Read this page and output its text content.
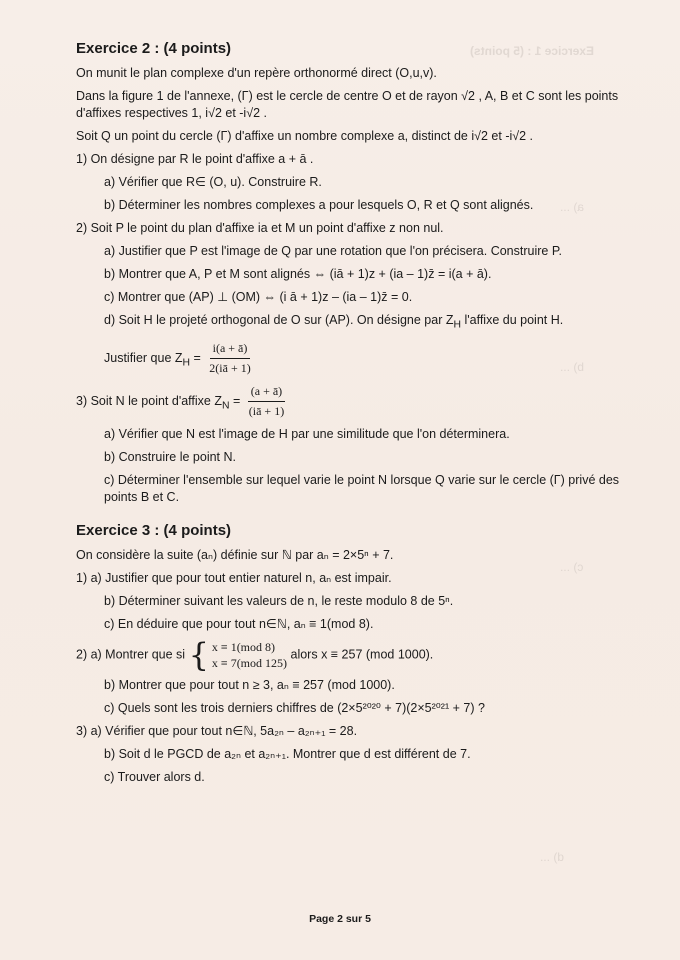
Exercice 1 : (5 points)
a) ...
b) ...
c) ...
d) ...
Exercice 2 : (4 points)
On munit le plan complexe d'un repère orthonormé direct (O,u,v).
Dans la figure 1 de l'annexe, (Γ) est le cercle de centre O et de rayon √2 , A, B et C sont les points d'affixes respectives 1, i√2 et -i√2 .
Soit Q un point du cercle (Γ) d'affixe un nombre complexe a, distinct de i√2 et -i√2 .
1) On désigne par R le point d'affixe a + ā .
a) Vérifier que R∈ (O, u). Construire R.
b) Déterminer les nombres complexes a pour lesquels O, R et Q sont alignés.
2) Soit P le point du plan d'affixe ia et M un point d'affixe z non nul.
a) Justifier que P est l'image de Q par une rotation que l'on précisera. Construire P.
b) Montrer que A, P et M sont alignés ⇔ (iā + 1)z + (ia – 1)z̄ = i(a + ā).
c) Montrer que (AP) ⊥ (OM) ⇔ (i ā + 1)z – (ia – 1)z̄ = 0.
d) Soit H le projeté orthogonal de O sur (AP). On désigne par $Z_H$ l'affixe du point H.
Justifier que $Z_H = \frac{i(a + ā)}{2(iā + 1)}$
3) Soit N le point d'affixe $Z_N = \frac{(a + ā)}{(iā + 1)}$
a) Vérifier que N est l'image de H par une similitude que l'on déterminera.
b) Construire le point N.
c) Déterminer l'ensemble sur lequel varie le point N lorsque Q varie sur le cercle (Γ) privé des points B et C.
Exercice 3 : (4 points)
On considère la suite (aₙ) définie sur ℕ par aₙ = 2×5ⁿ + 7.
1) a) Justifier que pour tout entier naturel n, aₙ est impair.
b) Déterminer suivant les valeurs de n, le reste modulo 8 de 5ⁿ.
c) En déduire que pour tout n∈ℕ, aₙ ≡ 1(mod 8).
2) a) Montrer que si { x ≡ 1(mod 8)
x ≡ 7(mod 125)
alors x ≡ 257 (mod 1000).
b) Montrer que pour tout n ≥ 3, aₙ ≡ 257 (mod 1000).
c) Quels sont les trois derniers chiffres de (2×5²⁰²⁰ + 7)(2×5²⁰²¹ + 7) ?
3) a) Vérifier que pour tout n∈ℕ, 5a₂ₙ – a₂ₙ₊₁ = 28.
b) Soit d le PGCD de a₂ₙ et a₂ₙ₊₁. Montrer que d est différent de 7.
c) Trouver alors d.
Page 2 sur 5
